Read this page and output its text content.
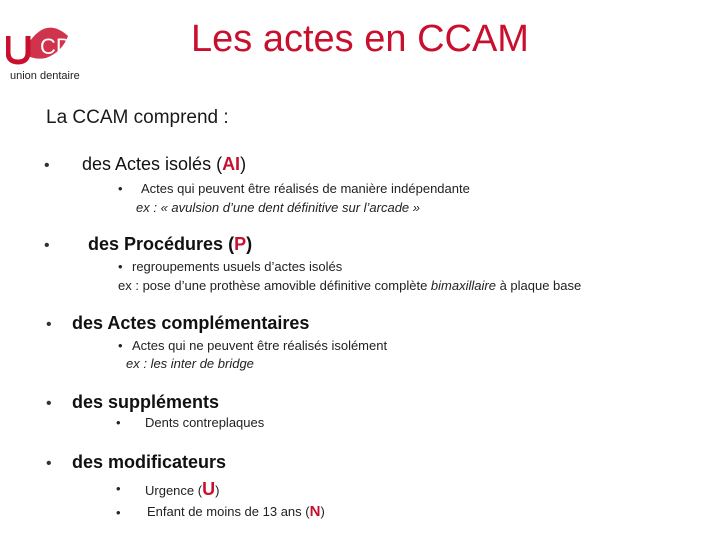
CD
union dentaire
Les actes en CCAM
La CCAM comprend :
• des Actes isolés (AI)
• Actes qui peuvent être réalisés de manière indépendante
ex : « avulsion d’une dent définitive sur l’arcade »
• des Procédures (P)
• regroupements usuels d’actes isolés
ex : pose d’une prothèse amovible définitive complète bimaxillaire à plaque base
• des Actes complémentaires
• Actes qui ne peuvent être réalisés isolément
ex : les inter de bridge
• des suppléments
• Dents contreplaques
• des modificateurs
• Urgence (U)
• Enfant de moins de 13 ans (N)
